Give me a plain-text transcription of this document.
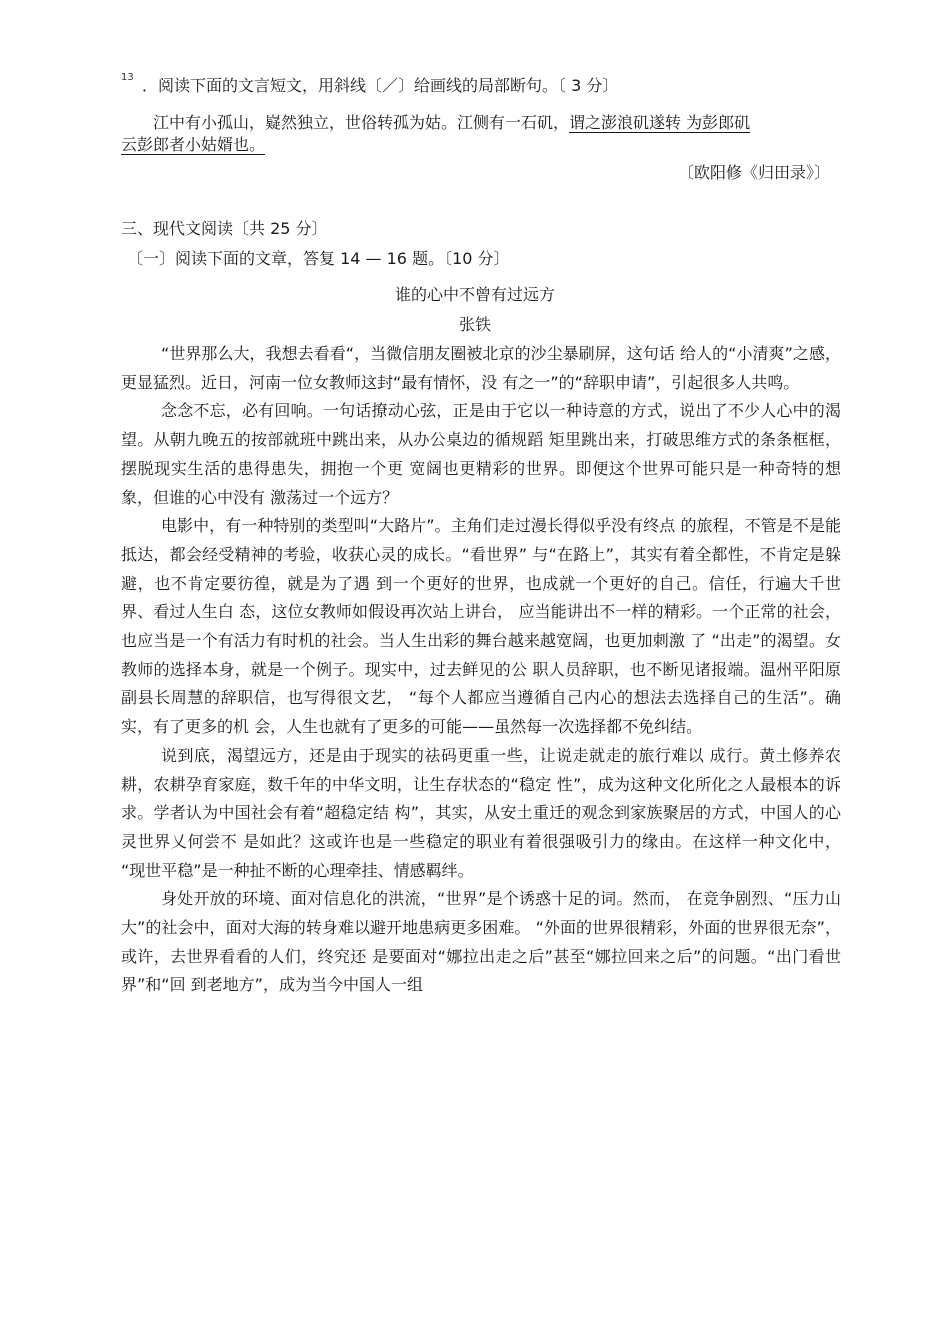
13 ．阅读下面的文言短文，用斜线〔／〕给画线的局部断句。〔 3 分〕
江中有小孤山，嶷然独立，世俗转孤为姑。江侧有一石矶，谓之澎浪矶遂转 为彭郎矶
云彭郎者小姑婿也。
〔欧阳修《归田录》〕
三、现代文阅读〔共 25 分〕
〔一〕阅读下面的文章，答复 14 — 16 题。〔10 分〕
谁的心中不曾有过远方
张铁

“世界那么大，我想去看看“，当微信朋友圈被北京的沙尘暴刷屏，这句话 给人的“小清爽”之感，更显猛烈。近日，河南一位女教师这封“最有情怀，没 有之一”的“辞职申请”，引起很多人共鸣。

念念不忘，必有回响。一句话撩动心弦，正是由于它以一种诗意的方式，说出了不少人心中的渴望。从朝九晚五的按部就班中跳出来，从办公桌边的循规蹈 矩里跳出来，打破思维方式的条条框框，摆脱现实生活的患得患失，拥抱一个更 宽阔也更精彩的世界。即便这个世界可能只是一种奇特的想象，但谁的心中没有 激荡过一个远方？

电影中，有一种特别的类型叫“大路片”。主角们走过漫长得似乎没有终点 的旅程，不管是不是能抵达，都会经受精神的考验，收获心灵的成长。“看世界” 与“在路上”，其实有着全都性，不肯定是躲避，也不肯定要彷徨，就是为了遇 到一个更好的世界，也成就一个更好的自己。信任，行遍大千世界、看过人生白 态，这位女教师如假设再次站上讲台， 应当能讲出不一样的精彩。一个正常的社会， 也应当是一个有活力有时机的社会。当人生出彩的舞台越来越宽阔，也更加刺激 了 “出走”的渴望。女教师的选择本身，就是一个例子。现实中，过去鲜见的公 职人员辞职，也不断见诸报端。温州平阳原副县长周慧的辞职信，也写得很文艺， “每个人都应当遵循自己内心的想法去选择自己的生活”。确实，有了更多的机 会，人生也就有了更多的可能——虽然每一次选择都不免纠结。

说到底，渴望远方，还是由于现实的祛码更重一些，让说走就走的旅行难以 成行。黄土修养农耕，农耕孕育家庭，数千年的中华文明，让生存状态的“稳定 性”，成为这种文化所化之人最根本的诉求。学者认为中国社会有着“超稳定结 构”，其实，从安土重迁的观念到家族聚居的方式，中国人的心灵世界乂何尝不 是如此？这或许也是一些稳定的职业有着很强吸引力的缘由。在这样一种文化中， “现世平稳”是一种扯不断的心理牵挂、情感羁绊。

身处开放的环境、面对信息化的洪流，“世界”是个诱惑十足的词。然而， 在竞争剧烈、“压力山大”的社会中，面对大海的转身难以避开地患病更多困难。 “外面的世界很精彩，外面的世界很无奈”，或许，去世界看看的人们，终究还 是要面对“娜拉出走之后”甚至“娜拉回来之后”的问题。“出门看世界”和“回 到老地方”，成为当今中国人一组
